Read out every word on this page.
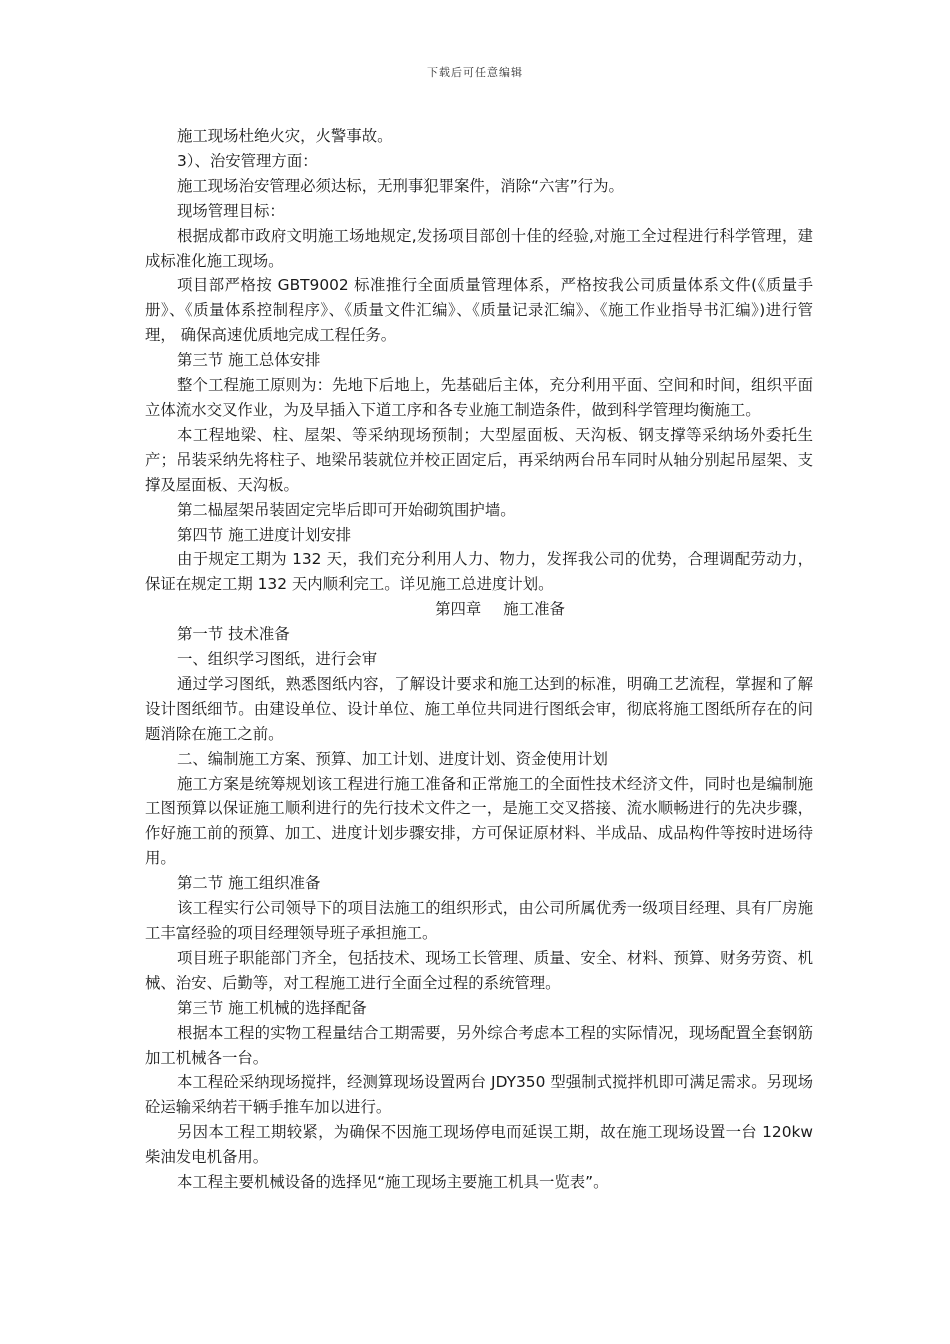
下载后可任意编辑

施工现场杜绝火灾，火警事故。

3）、治安管理方面：

施工现场治安管理必须达标，无刑事犯罪案件，消除“六害”行为。

现场管理目标：

根据成都市政府文明施工场地规定,发扬项目部创十佳的经验,对施工全过程进行科学管理，建成标准化施工现场。

项目部严格按 GBT9002 标准推行全面质量管理体系，严格按我公司质量体系文件(《质量手册》、《质量体系控制程序》、《质量文件汇编》、《质量记录汇编》、《施工作业指导书汇编》)进行管理， 确保高速优质地完成工程任务。

第三节 施工总体安排

整个工程施工原则为：先地下后地上，先基础后主体，充分利用平面、空间和时间，组织平面立体流水交叉作业，为及早插入下道工序和各专业施工制造条件，做到科学管理均衡施工。

本工程地梁、柱、屋架、等采纳现场预制；大型屋面板、天沟板、钢支撑等采纳场外委托生产；吊装采纳先将柱子、地梁吊装就位并校正固定后，再采纳两台吊车同时从轴分别起吊屋架、支撑及屋面板、天沟板。

第二榀屋架吊装固定完毕后即可开始砌筑围护墙。

第四节 施工进度计划安排

由于规定工期为 132 天，我们充分利用人力、物力，发挥我公司的优势，合理调配劳动力，保证在规定工期 132 天内顺利完工。详见施工总进度计划。

第四章 施工准备

第一节 技术准备

一、组织学习图纸，进行会审

通过学习图纸，熟悉图纸内容，了解设计要求和施工达到的标准，明确工艺流程，掌握和了解设计图纸细节。由建设单位、设计单位、施工单位共同进行图纸会审，彻底将施工图纸所存在的问题消除在施工之前。

二、编制施工方案、预算、加工计划、进度计划、资金使用计划

施工方案是统筹规划该工程进行施工准备和正常施工的全面性技术经济文件，同时也是编制施工图预算以保证施工顺利进行的先行技术文件之一，是施工交叉搭接、流水顺畅进行的先决步骤，作好施工前的预算、加工、进度计划步骤安排，方可保证原材料、半成品、成品构件等按时进场待用。

第二节 施工组织准备

该工程实行公司领导下的项目法施工的组织形式，由公司所属优秀一级项目经理、具有厂房施工丰富经验的项目经理领导班子承担施工。

项目班子职能部门齐全，包括技术、现场工长管理、质量、安全、材料、预算、财务劳资、机械、治安、后勤等，对工程施工进行全面全过程的系统管理。

第三节 施工机械的选择配备

根据本工程的实物工程量结合工期需要，另外综合考虑本工程的实际情况，现场配置全套钢筋加工机械各一台。

本工程砼采纳现场搅拌，经测算现场设置两台 JDY350 型强制式搅拌机即可满足需求。另现场砼运输采纳若干辆手推车加以进行。

另因本工程工期较紧，为确保不因施工现场停电而延误工期，故在施工现场设置一台 120kw 柴油发电机备用。

本工程主要机械设备的选择见“施工现场主要施工机具一览表”。
